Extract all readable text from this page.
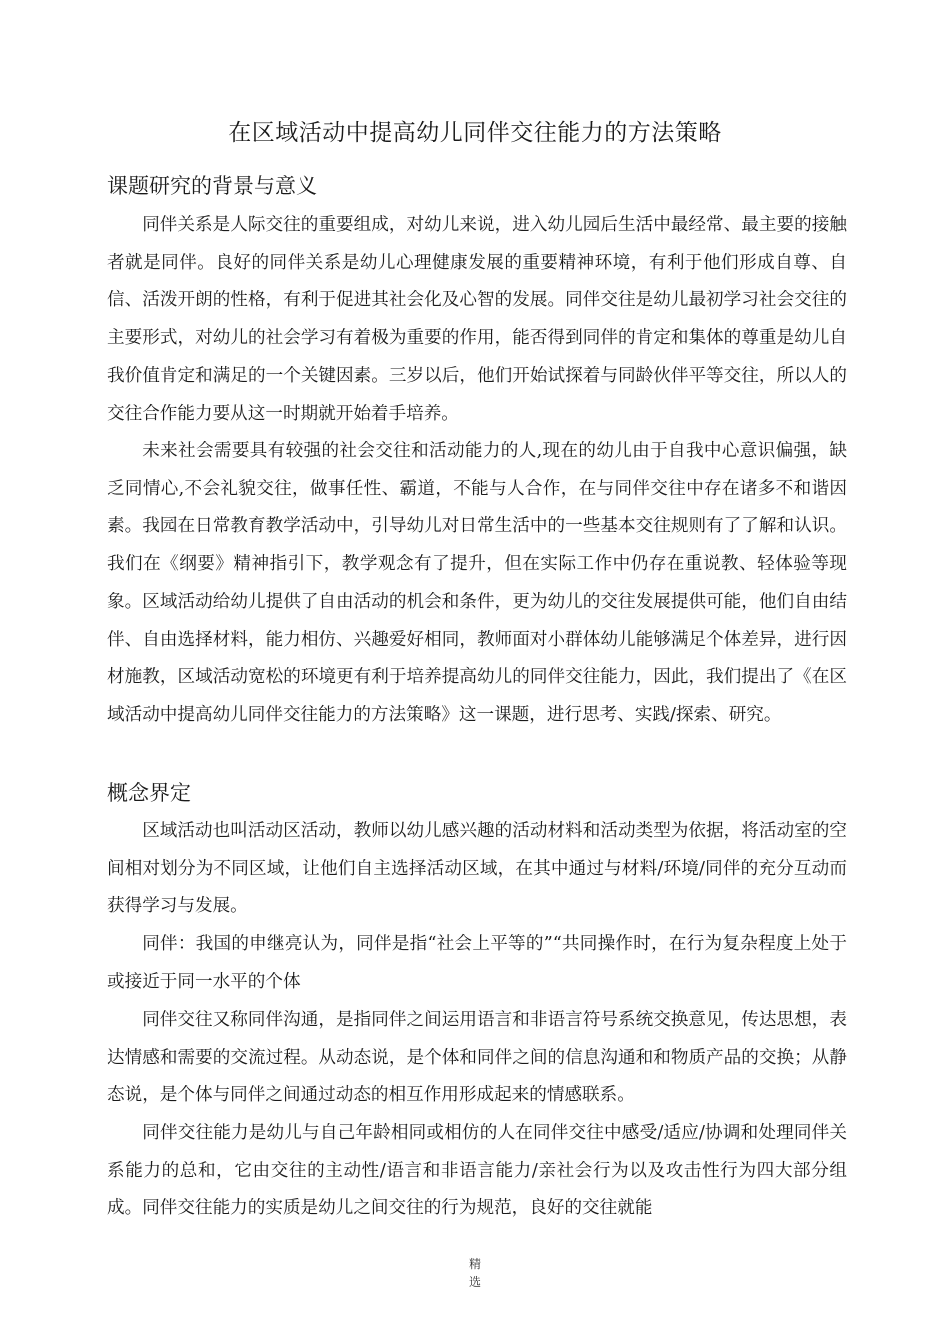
在区域活动中提高幼儿同伴交往能力的方法策略
课题研究的背景与意义
同伴关系是人际交往的重要组成，对幼儿来说，进入幼儿园后生活中最经常、最主要的接触者就是同伴。良好的同伴关系是幼儿心理健康发展的重要精神环境，有利于他们形成自尊、自信、活泼开朗的性格，有利于促进其社会化及心智的发展。同伴交往是幼儿最初学习社会交往的主要形式，对幼儿的社会学习有着极为重要的作用，能否得到同伴的肯定和集体的尊重是幼儿自我价值肯定和满足的一个关键因素。三岁以后，他们开始试探着与同龄伙伴平等交往，所以人的交往合作能力要从这一时期就开始着手培养。
未来社会需要具有较强的社会交往和活动能力的人,现在的幼儿由于自我中心意识偏强，缺乏同情心,不会礼貌交往，做事任性、霸道，不能与人合作，在与同伴交往中存在诸多不和谐因素。我园在日常教育教学活动中，引导幼儿对日常生活中的一些基本交往规则有了了解和认识。我们在《纲要》精神指引下，教学观念有了提升，但在实际工作中仍存在重说教、轻体验等现象。区域活动给幼儿提供了自由活动的机会和条件，更为幼儿的交往发展提供可能，他们自由结伴、自由选择材料，能力相仿、兴趣爱好相同，教师面对小群体幼儿能够满足个体差异，进行因材施教，区域活动宽松的环境更有利于培养提高幼儿的同伴交往能力，因此，我们提出了《在区域活动中提高幼儿同伴交往能力的方法策略》这一课题，进行思考、实践/探索、研究。
概念界定
区域活动也叫活动区活动，教师以幼儿感兴趣的活动材料和活动类型为依据，将活动室的空间相对划分为不同区域，让他们自主选择活动区域，在其中通过与材料/环境/同伴的充分互动而获得学习与发展。
同伴：我国的申继亮认为，同伴是指“社会上平等的”“共同操作时，在行为复杂程度上处于或接近于同一水平的个体
同伴交往又称同伴沟通，是指同伴之间运用语言和非语言符号系统交换意见，传达思想，表达情感和需要的交流过程。从动态说，是个体和同伴之间的信息沟通和和物质产品的交换；从静态说，是个体与同伴之间通过动态的相互作用形成起来的情感联系。
同伴交往能力是幼儿与自己年龄相同或相仿的人在同伴交往中感受/适应/协调和处理同伴关系能力的总和，它由交往的主动性/语言和非语言能力/亲社会行为以及攻击性行为四大部分组成。同伴交往能力的实质是幼儿之间交往的行为规范，良好的交往就能
精
选
